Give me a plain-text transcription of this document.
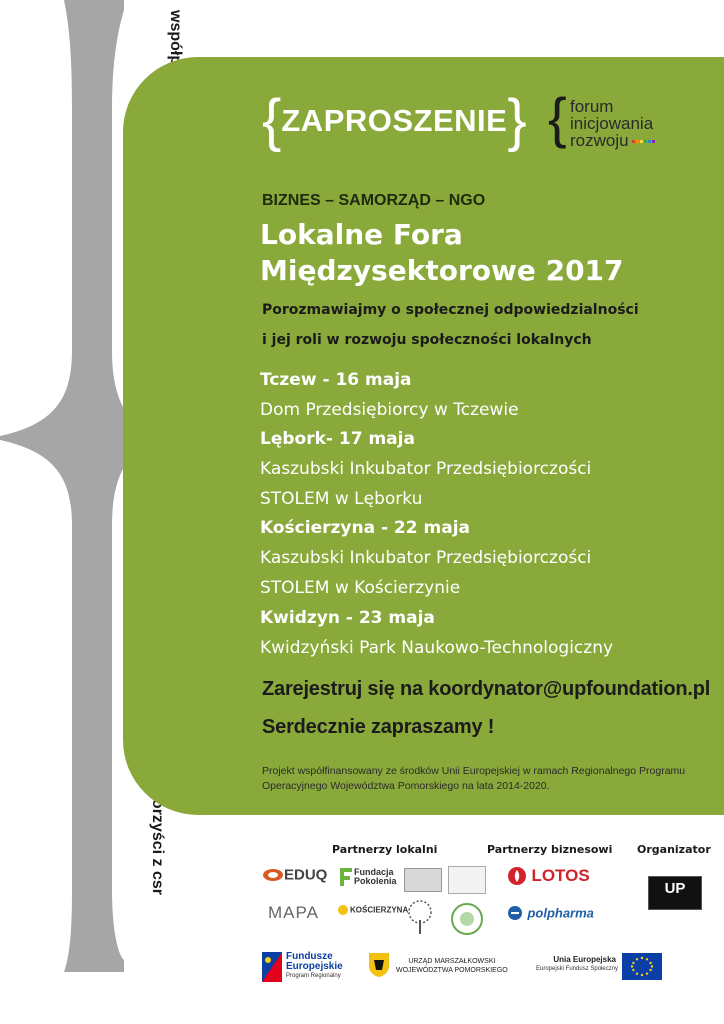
{ZAPROSZENIE} { forum
inicjowania
rozwoju
BIZNES – SAMORZĄD – NGO
Lokalne Fora
Międzysektorowe 2017
Porozmawiajmy o społecznej odpowiedzialności
i jej roli w rozwoju społeczności lokalnych
Tczew - 16 maja
Dom Przedsiębiorcy w Tczewie
Lębork- 17 maja
Kaszubski Inkubator Przedsiębiorczości
STOLEM w Lęborku
Kościerzyna - 22 maja
Kaszubski Inkubator Przedsiębiorczości
STOLEM w Kościerzynie
Kwidzyn - 23 maja
Kwidzyński Park Naukowo-Technologiczny
Zarejestruj się na koordynator@upfoundation.pl
Serdecznie zapraszamy !
Projekt współfinansowany ze środków Unii Europejskiej w ramach Regionalnego Programu
Operacyjnego Województwa Pomorskiego na lata 2014-2020.
Partnerzy lokalni	Partnerzy biznesowi Organizator
EDUQ	Fundacja Pokolenia
MAPA	KOŚCIERZYNA
LOTOS
polpharma
UP
Fundusze
Europejskie
Program Regionalny
URZĄD MARSZAŁKOWSKI
WOJEWÓDZTWA POMORSKIEGO
Unia Europejska
Europejski Fundusz Społeczny
